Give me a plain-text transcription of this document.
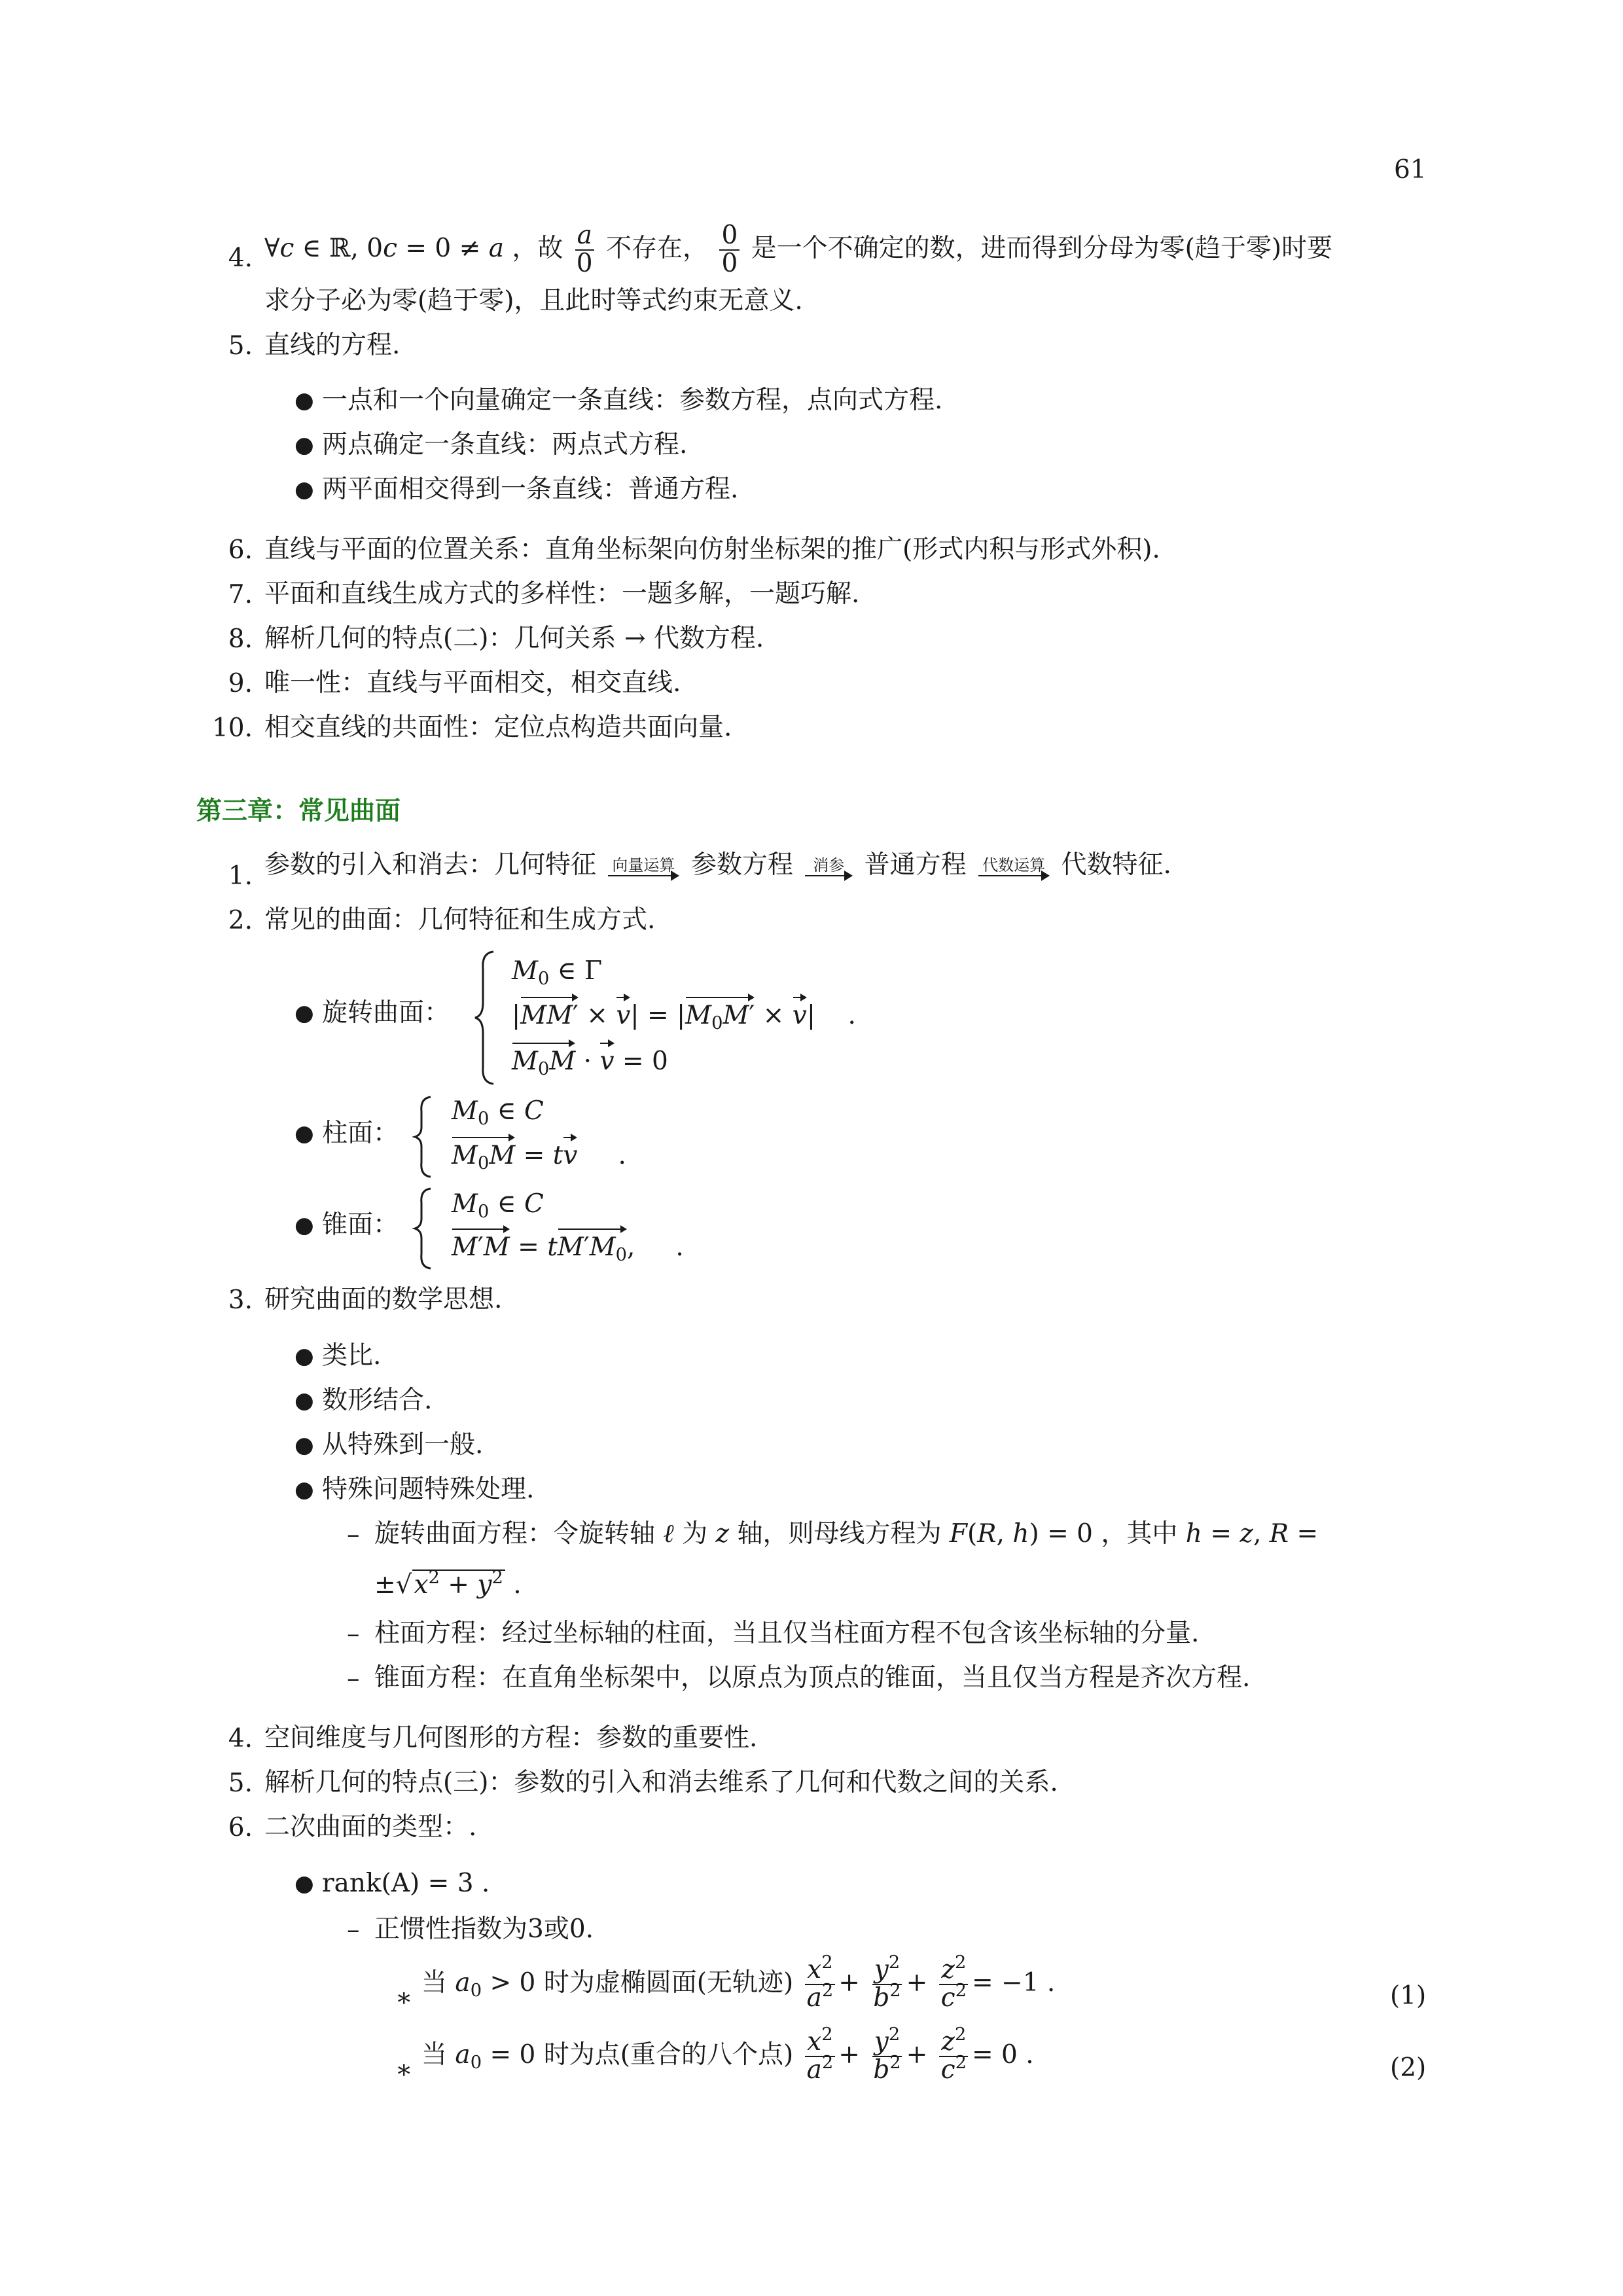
61
4. ∀c ∈ ℝ, 0c = 0 ≠ a ，故 $\frac{a}{0}$ 不存在， $\frac{0}{0}$ 是一个不确定的数，进而得到分母为零(趋于零)时要
求分子必为零(趋于零)，且此时等式约束无意义.
5. 直线的方程.
● 一点和一个向量确定一条直线：参数方程，点向式方程.
● 两点确定一条直线：两点式方程.
● 两平面相交得到一条直线：普通方程.
6. 直线与平面的位置关系：直角坐标架向仿射坐标架的推广(形式内积与形式外积).
7. 平面和直线生成方式的多样性：一题多解，一题巧解.
8. 解析几何的特点(二)：几何关系 → 代数方程.
9. 唯一性：直线与平面相交，相交直线.
10. 相交直线的共面性：定位点构造共面向量.
第三章：常见曲面
1. 参数的引入和消去：几何特征 向量运算 参数方程 消参 普通方程 代数运算 代数特征.
2. 常见的曲面：几何特征和生成方式.
● 旋转曲面：
$M_0$ ∈ Γ
$|MM' \times v| = |M_0M' \times v|$    .
$M_0M \cdot v = 0$
● 柱面：
$M_0$ ∈ C
$M_0M$ = tv     .
● 锥面：
$M_0$ ∈ C
$M'M = tM'M_0$,     .
3. 研究曲面的数学思想.
● 类比.
● 数形结合.
● 从特殊到一般.
● 特殊问题特殊处理.
– 旋转曲面方程：令旋转轴 ℓ 为 z 轴，则母线方程为 F(R, h) = 0 ，其中 h = z, R =
$\pm√x^2 + y^2$ .
– 柱面方程：经过坐标轴的柱面，当且仅当柱面方程不包含该坐标轴的分量.
– 锥面方程：在直角坐标架中，以原点为顶点的锥面，当且仅当方程是齐次方程.
4. 空间维度与几何图形的方程：参数的重要性.
5. 解析几何的特点(三)：参数的引入和消去维系了几何和代数之间的关系.
6. 二次曲面的类型：.
● rank(A) = 3 .
– 正惯性指数为3或0.
∗
当 $a_0 > 0$ 时为虚椭圆面(无轨迹) $\frac{x^2}{a^2} + \frac{y^2}{b^2} + \frac{z^2}{c^2} = -1$ .	(1)
∗
当 $a_0 = 0$ 时为点(重合的八个点) $\frac{x^2}{a^2} + \frac{y^2}{b^2} + \frac{z^2}{c^2} = 0$ .	(2)
